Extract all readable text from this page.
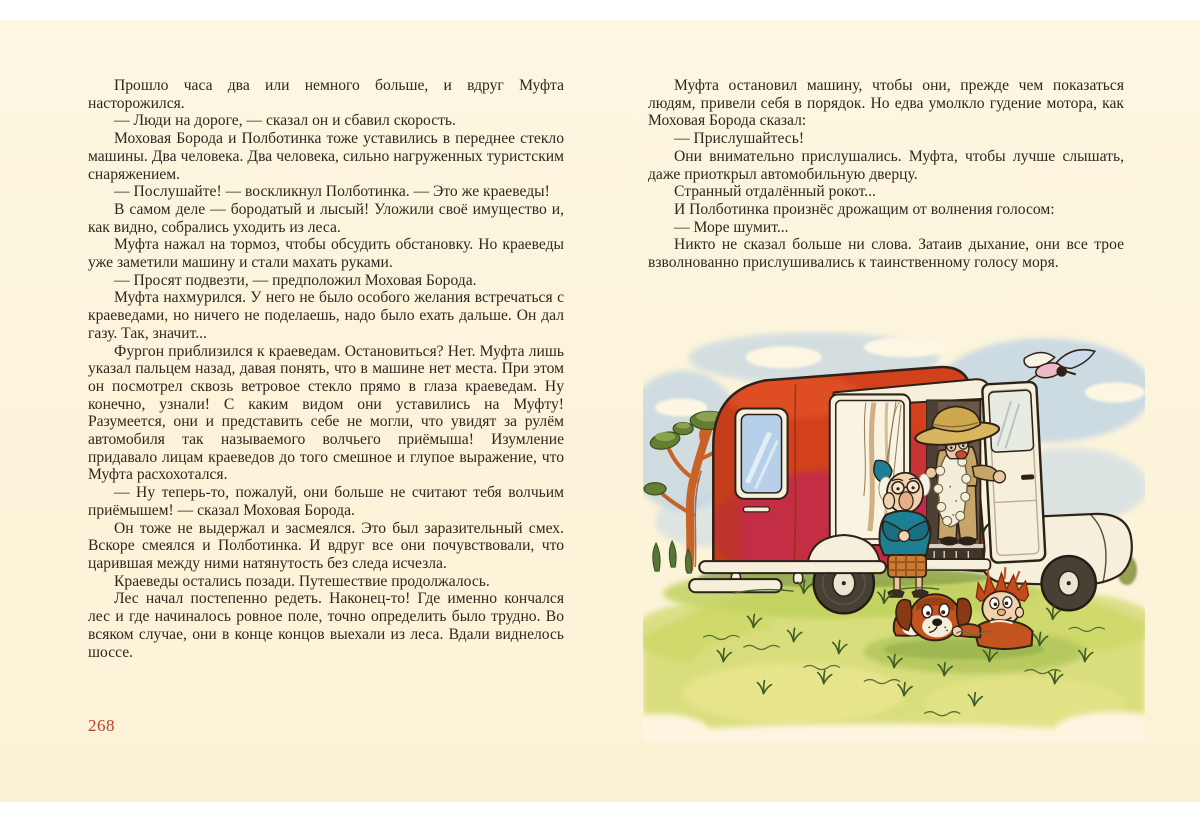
Прошло часа два или немного больше, и вдруг Муфта насторожился.

— Люди на дороге, — сказал он и сбавил скорость.

Моховая Борода и Полботинка тоже уставились в переднее стекло машины. Два человека. Два человека, сильно нагруженных туристским снаряжением.

— Послушайте! — воскликнул Полботинка. — Это же краеведы!

В самом деле — бородатый и лысый! Уложили своё имущество и, как видно, собрались уходить из леса.

Муфта нажал на тормоз, чтобы обсудить обстановку. Но краеведы уже заметили машину и стали махать руками.

— Просят подвезти, — предположил Моховая Борода.

Муфта нахмурился. У него не было особого желания встречаться с краеведами, но ничего не поделаешь, надо было ехать дальше. Он дал газу. Так, значит...

Фургон приблизился к краеведам. Остановиться? Нет. Муфта лишь указал пальцем назад, давая понять, что в машине нет места. При этом он посмотрел сквозь ветровое стекло прямо в глаза краеведам. Ну конечно, узнали! С каким видом они уставились на Муфту! Разумеется, они и представить себе не могли, что увидят за рулём автомобиля так называемого волчьего приёмыша! Изумление придавало лицам краеведов до того смешное и глупое выражение, что Муфта расхохотался.

— Ну теперь-то, пожалуй, они больше не считают тебя волчьим приёмышем! — сказал Моховая Борода.

Он тоже не выдержал и засмеялся. Это был заразительный смех. Вскоре смеялся и Полботинка. И вдруг все они почувствовали, что царившая между ними натянутость без следа исчезла.

Краеведы остались позади. Путешествие продолжалось.

Лес начал постепенно редеть. Наконец-то! Где именно кончался лес и где начиналось ровное поле, точно определить было трудно. Во всяком случае, они в конце концов выехали из леса. Вдали виднелось шоссе.

268

Муфта остановил машину, чтобы они, прежде чем показаться людям, привели себя в порядок. Но едва умолкло гудение мотора, как Моховая Борода сказал:

— Прислушайтесь!

Они внимательно прислушались. Муфта, чтобы лучше слышать, даже приоткрыл автомобильную дверцу.

Странный отдалённый рокот...

И Полботинка произнёс дрожащим от волнения голосом:

— Море шумит...

Никто не сказал больше ни слова. Затаив дыхание, они все трое взволнованно прислушивались к таинственному голосу моря.
